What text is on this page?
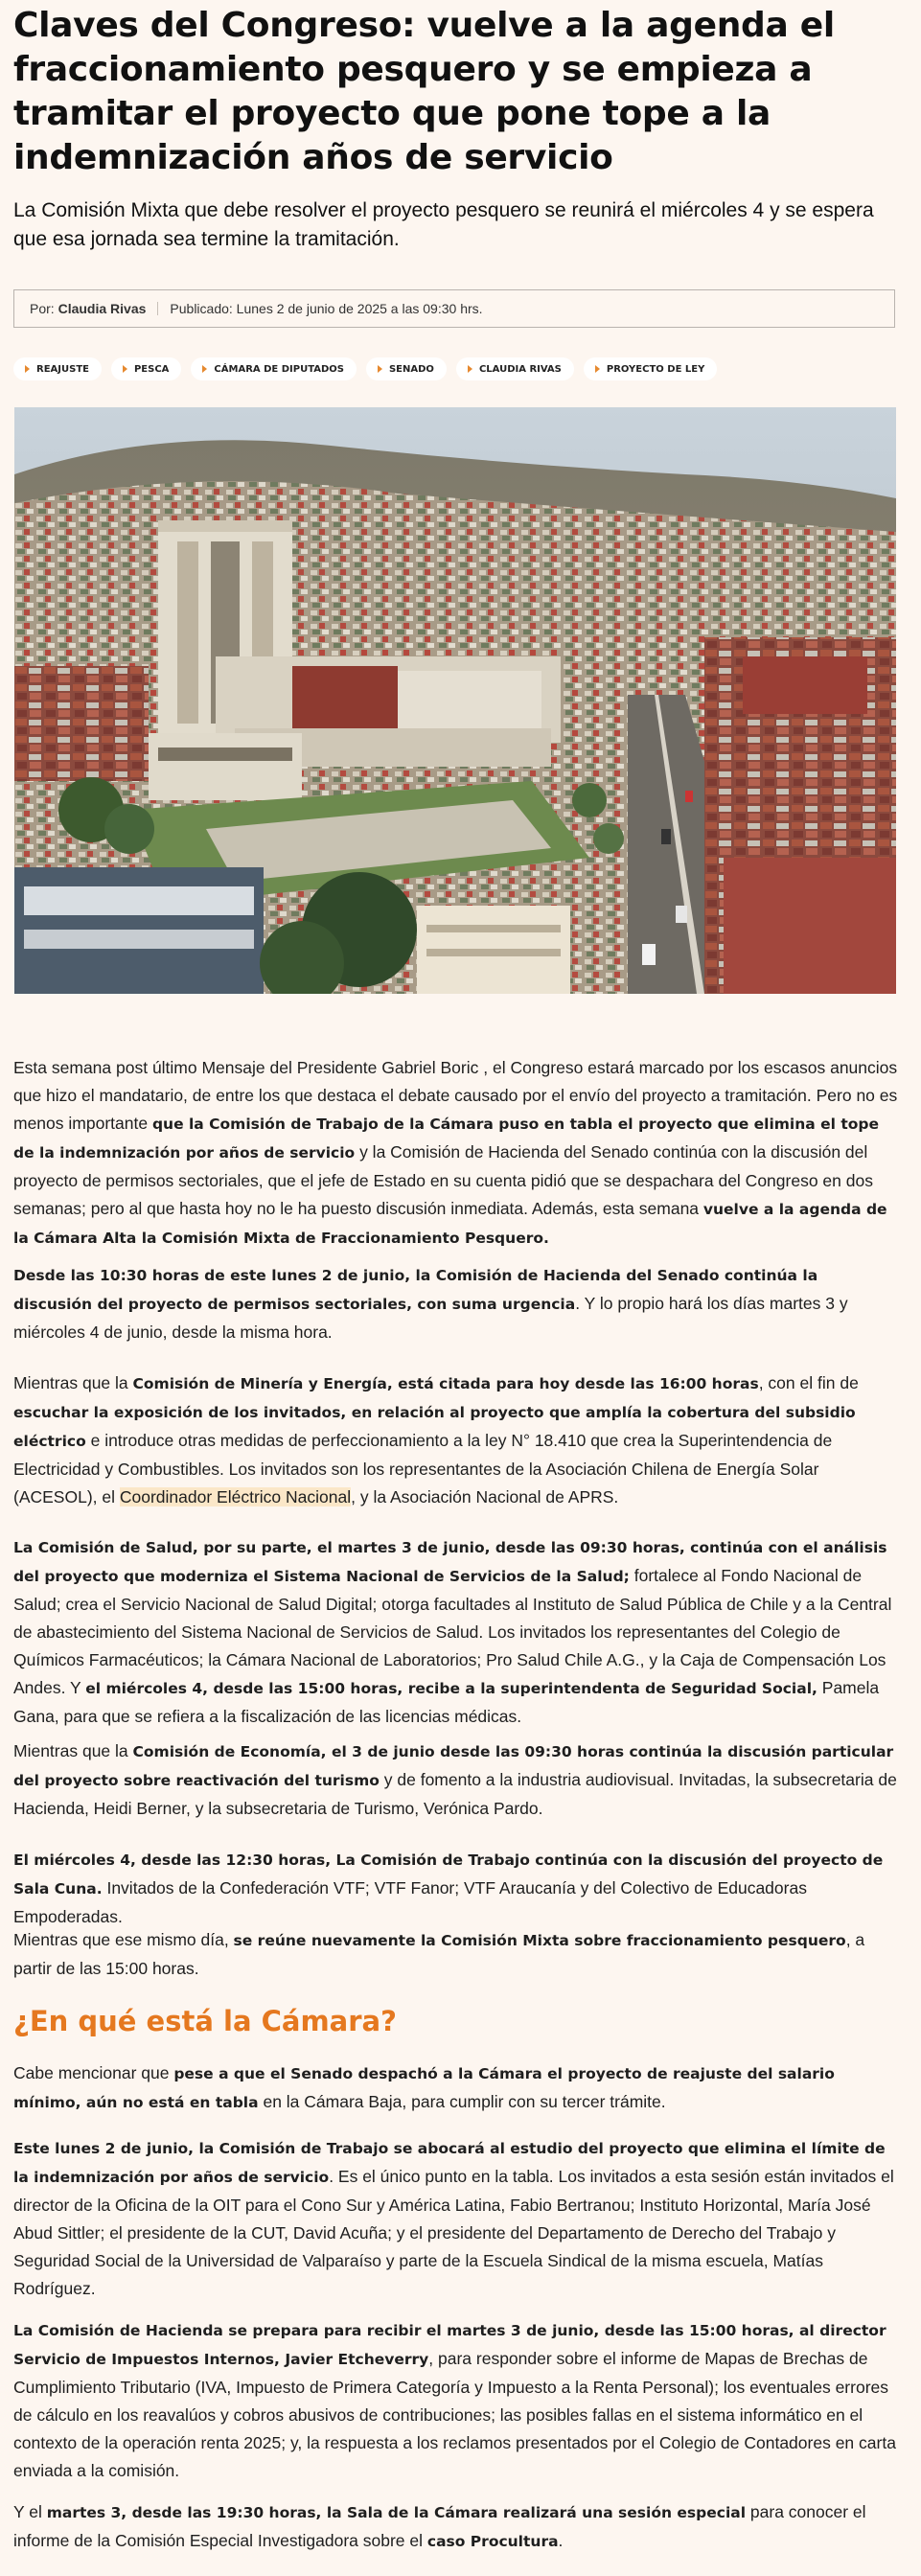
Claves del Congreso: vuelve a la agenda el fraccionamiento pesquero y se empieza a tramitar el proyecto que pone tope a la indemnización años de servicio

La Comisión Mixta que debe resolver el proyecto pesquero se reunirá el miércoles 4 y se espera que esa jornada sea termine la tramitación.

Por:
Claudia Rivas Publicado: Lunes 2 de junio de 2025 a las 09:30 hrs.
REAJUSTE	PESCA	CÁMARA DE DIPUTADOS	SENADO	CLAUDIA RIVAS	PROYECTO DE LEY

Esta semana post último Mensaje del Presidente Gabriel Boric , el Congreso estará marcado por los escasos anuncios que hizo el mandatario, de entre los que destaca el debate causado por el envío del proyecto a tramitación. Pero no es menos importante que la Comisión de Trabajo de la Cámara puso en tabla el proyecto que elimina el tope de la indemnización por años de servicio y la Comisión de Hacienda del Senado continúa con la discusión del proyecto de permisos sectoriales, que el jefe de Estado en su cuenta pidió que se despachara del Congreso en dos semanas; pero al que hasta hoy no le ha puesto discusión inmediata. Además, esta semana vuelve a la agenda de la Cámara Alta la Comisión Mixta de Fraccionamiento Pesquero.

Desde las 10:30 horas de este lunes 2 de junio, la Comisión de Hacienda del Senado continúa la discusión del proyecto de permisos sectoriales, con suma urgencia. Y lo propio hará los días martes 3 y miércoles 4 de junio, desde la misma hora.

Mientras que la Comisión de Minería y Energía, está citada para hoy desde las 16:00 horas, con el fin de escuchar la exposición de los invitados, en relación al proyecto que amplía la cobertura del subsidio eléctrico e introduce otras medidas de perfeccionamiento a la ley N° 18.410 que crea la Superintendencia de Electricidad y Combustibles. Los invitados son los representantes de la Asociación Chilena de Energía Solar (ACESOL), el Coordinador Eléctrico Nacional, y la Asociación Nacional de APRS.

La Comisión de Salud, por su parte, el martes 3 de junio, desde las 09:30 horas, continúa con el análisis del proyecto que moderniza el Sistema Nacional de Servicios de la Salud; fortalece al Fondo Nacional de Salud; crea el Servicio Nacional de Salud Digital; otorga facultades al Instituto de Salud Pública de Chile y a la Central de abastecimiento del Sistema Nacional de Servicios de Salud. Los invitados los representantes del Colegio de Químicos Farmacéuticos; la Cámara Nacional de Laboratorios; Pro Salud Chile A.G., y la Caja de Compensación Los Andes. Y el miércoles 4, desde las 15:00 horas, recibe a la superintendenta de Seguridad Social, Pamela Gana, para que se refiera a la fiscalización de las licencias médicas.

Mientras que la Comisión de Economía, el 3 de junio desde las 09:30 horas continúa la discusión particular del proyecto sobre reactivación del turismo y de fomento a la industria audiovisual. Invitadas, la subsecretaria de Hacienda, Heidi Berner, y la subsecretaria de Turismo, Verónica Pardo.

El miércoles 4, desde las 12:30 horas, La Comisión de Trabajo continúa con la discusión del proyecto de Sala Cuna. Invitados de la Confederación VTF; VTF Fanor; VTF Araucanía y del Colectivo de Educadoras Empoderadas.

Mientras que ese mismo día, se reúne nuevamente la Comisión Mixta sobre fraccionamiento pesquero, a partir de las 15:00 horas.

¿En qué está la Cámara?

Cabe mencionar que pese a que el Senado despachó a la Cámara el proyecto de reajuste del salario mínimo, aún no está en tabla en la Cámara Baja, para cumplir con su tercer trámite.

Este lunes 2 de junio, la Comisión de Trabajo se abocará al estudio del proyecto que elimina el límite de la indemnización por años de servicio. Es el único punto en la tabla. Los invitados a esta sesión están invitados el director de la Oficina de la OIT para el Cono Sur y América Latina, Fabio Bertranou; Instituto Horizontal, María José Abud Sittler; el presidente de la CUT, David Acuña; y el presidente del Departamento de Derecho del Trabajo y Seguridad Social de la Universidad de Valparaíso y parte de la Escuela Sindical de la misma escuela, Matías Rodríguez.

La Comisión de Hacienda se prepara para recibir el martes 3 de junio, desde las 15:00 horas, al director Servicio de Impuestos Internos, Javier Etcheverry, para responder sobre el informe de Mapas de Brechas de Cumplimiento Tributario (IVA, Impuesto de Primera Categoría y Impuesto a la Renta Personal); los eventuales errores de cálculo en los reavalúos y cobros abusivos de contribuciones; las posibles fallas en el sistema informático en el contexto de la operación renta 2025; y, la respuesta a los reclamos presentados por el Colegio de Contadores en carta enviada a la comisión.

Y el martes 3, desde las 19:30 horas, la Sala de la Cámara realizará una sesión especial para conocer el informe de la Comisión Especial Investigadora sobre el caso Procultura.
